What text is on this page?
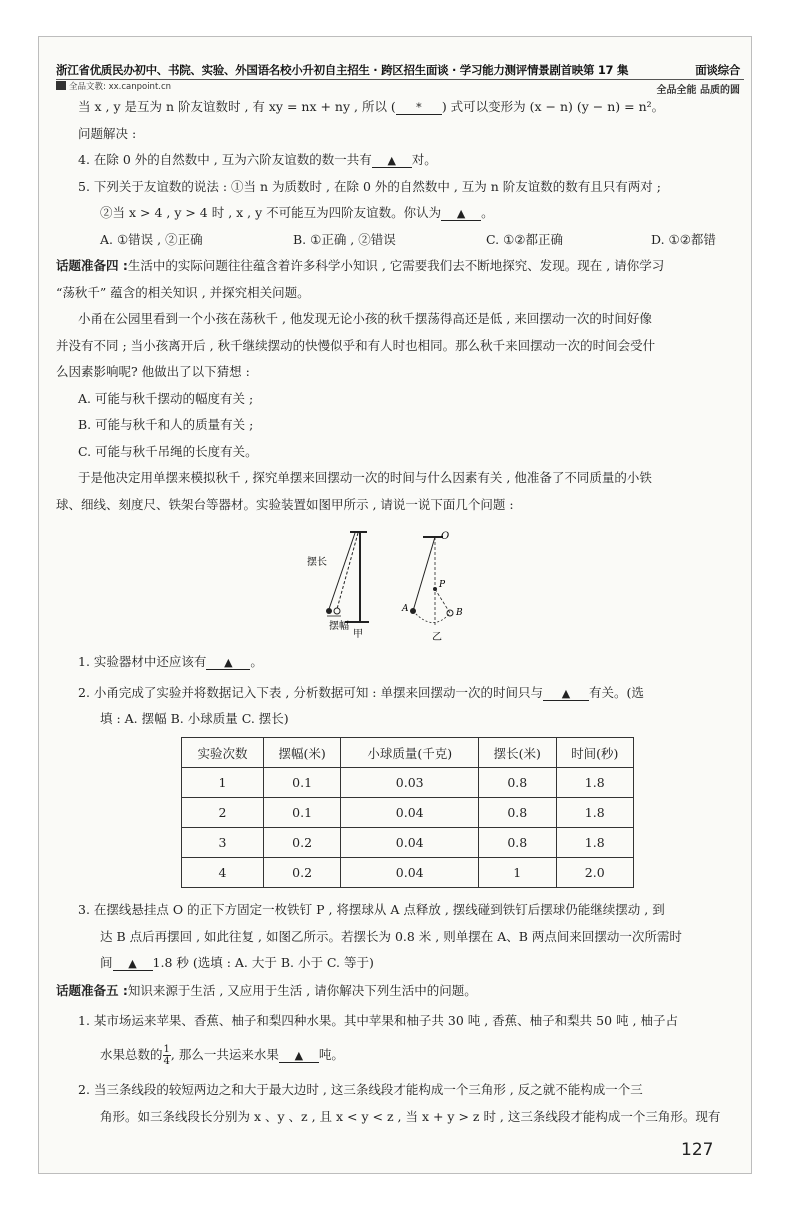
浙江省优质民办初中、书院、实验、外国语名校小升初自主招生 · 跨区招生面谈 · 学习能力测评情景剧首映第 17 集	面谈综合
全品文教: xx.canpoint.cn	全品全能 品质的圆
当 x , y 是互为 n 阶友谊数时 , 有 xy = nx + ny , 所以 ( * ) 式可以变形为 (x − n) (y − n) = n²。
问题解决 :
4. 在除 0 外的自然数中 , 互为六阶友谊数的数一共有 ▲ 对。
5. 下列关于友谊数的说法 : ①当 n 为质数时 , 在除 0 外的自然数中 , 互为 n 阶友谊数的数有且只有两对 ;
②当 x > 4 , y > 4 时 , x , y 不可能互为四阶友谊数。你认为 ▲ 。
A. ①错误 , ②正确	B. ①正确 , ②错误	C. ①②都正确	D. ①②都错
话题准备四 :生活中的实际问题往往蕴含着许多科学小知识 , 它需要我们去不断地探究、发现。现在 , 请你学习
“荡秋千” 蕴含的相关知识 , 并探究相关问题。
小甬在公园里看到一个小孩在荡秋千 , 他发现无论小孩的秋千摆荡得高还是低 , 来回摆动一次的时间好像
并没有不同 ; 当小孩离开后 , 秋千继续摆动的快慢似乎和有人时也相同。那么秋千来回摆动一次的时间会受什
么因素影响呢? 他做出了以下猜想 :
A. 可能与秋千摆动的幅度有关 ;
B. 可能与秋千和人的质量有关 ;
C. 可能与秋千吊绳的长度有关。
于是他决定用单摆来模拟秋千 , 探究单摆来回摆动一次的时间与什么因素有关 , 他准备了不同质量的小铁
球、细线、刻度尺、铁架台等器材。实验装置如图甲所示 , 请说一说下面几个问题 :
摆长
摆幅
甲
O
P
A	B
乙
1. 实验器材中还应该有 ▲ 。
2. 小甬完成了实验并将数据记入下表 , 分析数据可知 : 单摆来回摆动一次的时间只与 ▲ 有关。(选
填 : A. 摆幅 B. 小球质量 C. 摆长)
实验次数	摆幅(米)	小球质量(千克)	摆长(米)	时间(秒)
1	0.1	0.03	0.8	1.8
2	0.1	0.04	0.8	1.8
3	0.2	0.04	0.8	1.8
4	0.2	0.04	1	2.0
3. 在摆线悬挂点 O 的正下方固定一枚铁钉 P , 将摆球从 A 点释放 , 摆线碰到铁钉后摆球仍能继续摆动 , 到
达 B 点后再摆回 , 如此往复 , 如图乙所示。若摆长为 0.8 米 , 则单摆在 A、B 两点间来回摆动一次所需时
间 ▲ 1.8 秒 (选填 : A. 大于 B. 小于 C. 等于)
话题准备五 :知识来源于生活 , 又应用于生活 , 请你解决下列生活中的问题。
1. 某市场运来苹果、香蕉、柚子和梨四种水果。其中苹果和柚子共 30 吨 , 香蕉、柚子和梨共 50 吨 , 柚子占
水果总数的 $\frac{1}{4}$ , 那么一共运来水果 ▲ 吨。
2. 当三条线段的较短两边之和大于最大边时 , 这三条线段才能构成一个三角形 , 反之就不能构成一个三
角形。如三条线段长分别为 x 、y 、z , 且 x < y < z , 当 x + y > z 时 , 这三条线段才能构成一个三角形。现有
127
